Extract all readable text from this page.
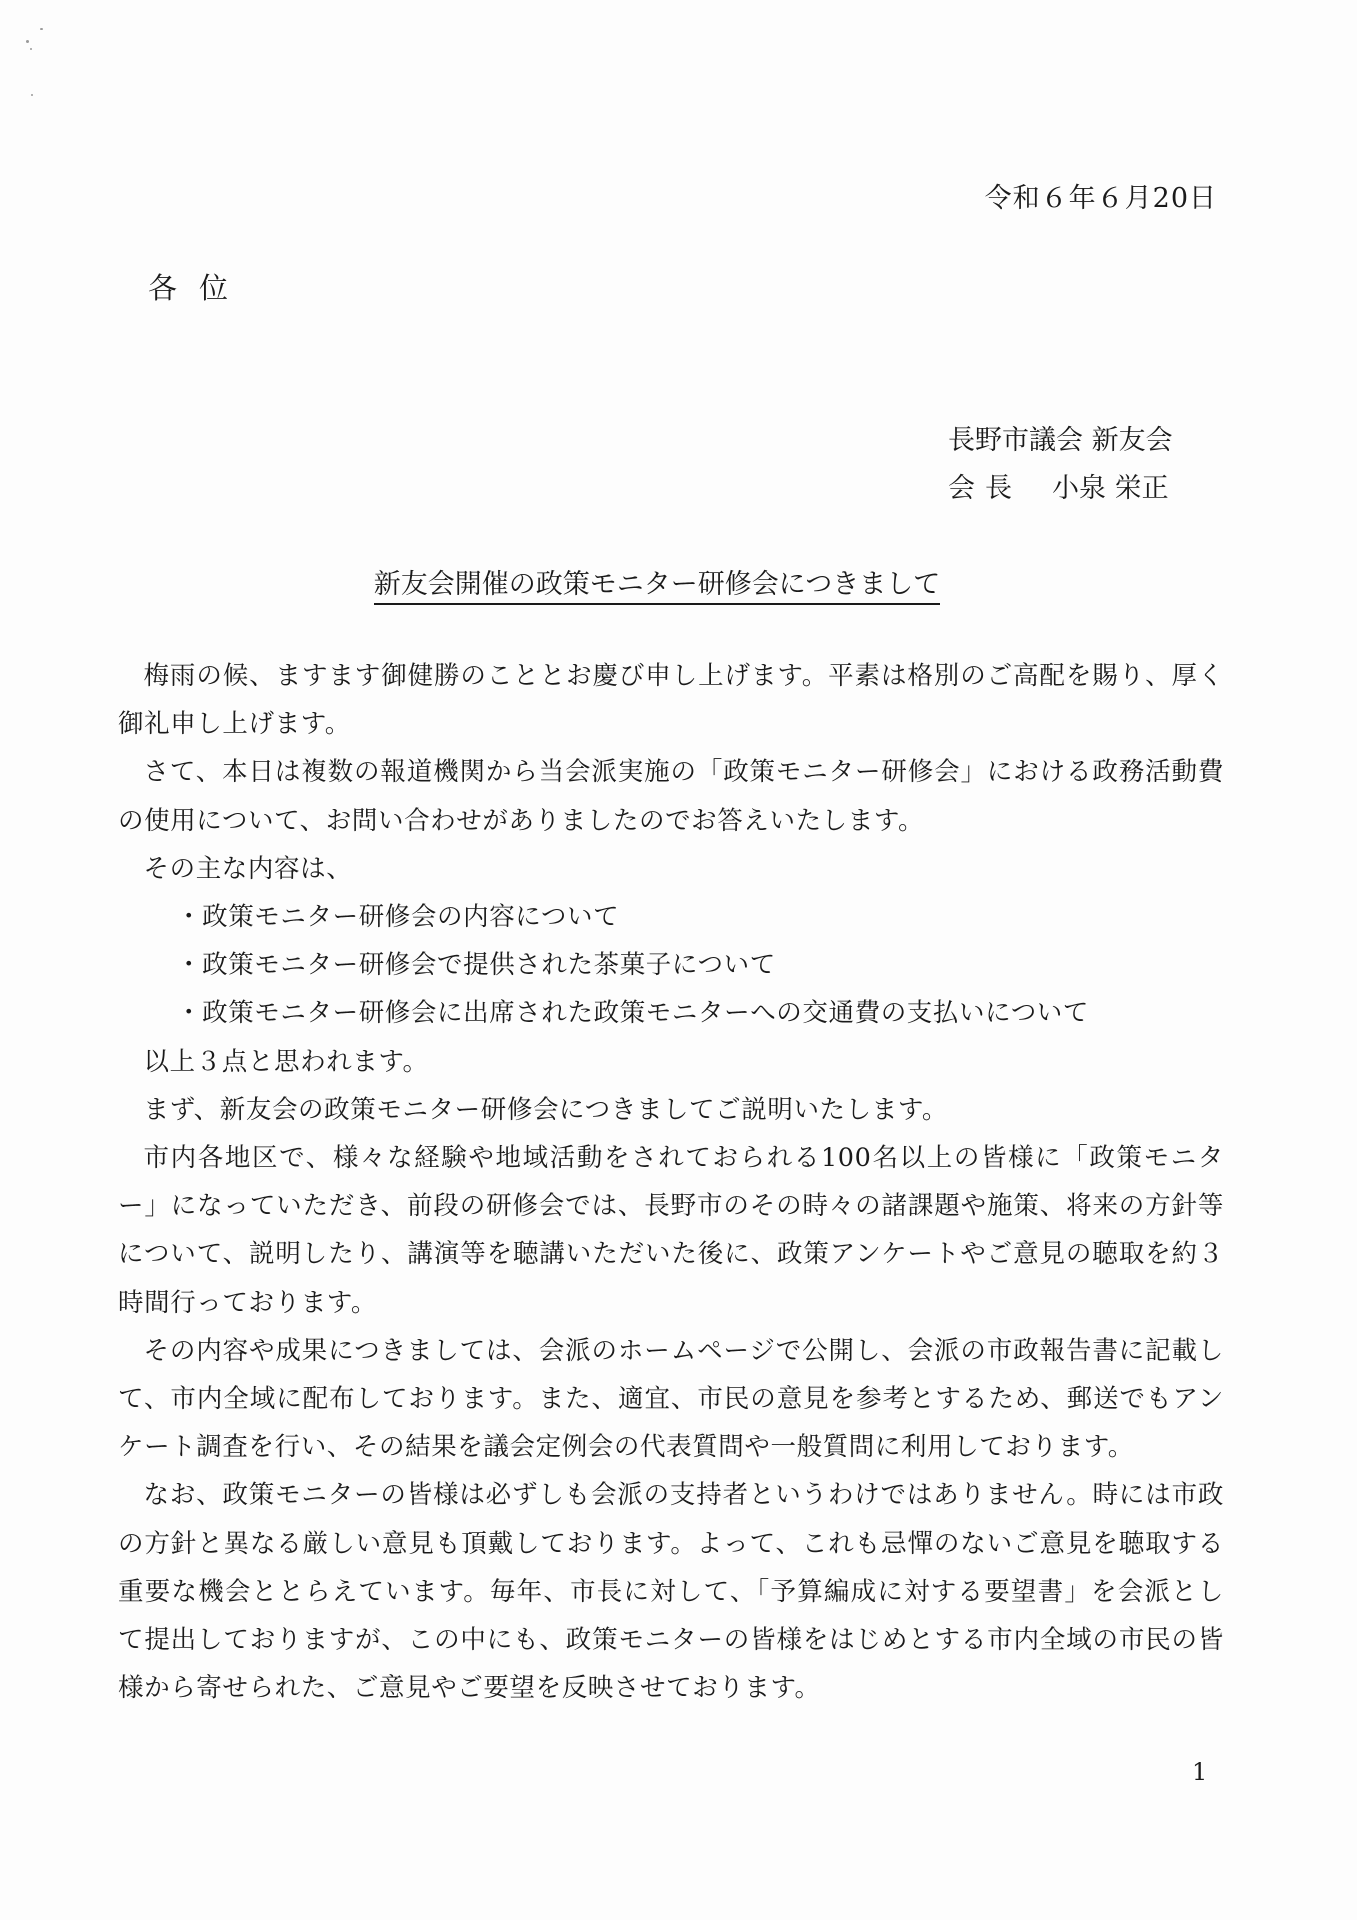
令和６年６月20日
各位
長野市議会 新友会
会長 小泉 栄正
新友会開催の政策モニター研修会につきまして

梅雨の候、ますます御健勝のこととお慶び申し上げます。平素は格別のご高配を賜り、厚く御礼申し上げます。

さて、本日は複数の報道機関から当会派実施の「政策モニター研修会」における政務活動費の使用について、お問い合わせがありましたのでお答えいたします。

その主な内容は、

・ 政策モニター研修会の内容について
・ 政策モニター研修会で提供された茶菓子について
・ 政策モニター研修会に出席された政策モニターへの交通費の支払いについて

以上３点と思われます。

まず、新友会の政策モニター研修会につきましてご説明いたします。

市内各地区で、様々な経験や地域活動をされておられる100名以上の皆様に「政策モニター」になっていただき、前段の研修会では、長野市のその時々の諸課題や施策、将来の方針等について、説明したり、講演等を聴講いただいた後に、政策アンケートやご意見の聴取を約３時間行っております。

その内容や成果につきましては、会派のホームページで公開し、会派の市政報告書に記載して、市内全域に配布しております。また、適宜、市民の意見を参考とするため、郵送でもアンケート調査を行い、その結果を議会定例会の代表質問や一般質問に利用しております。

なお、政策モニターの皆様は必ずしも会派の支持者というわけではありません。時には市政の方針と異なる厳しい意見も頂戴しております。よって、これも忌憚のないご意見を聴取する重要な機会ととらえています。毎年、市長に対して、「予算編成に対する要望書」を会派として提出しておりますが、この中にも、政策モニターの皆様をはじめとする市内全域の市民の皆様から寄せられた、ご意見やご要望を反映させております。

1
